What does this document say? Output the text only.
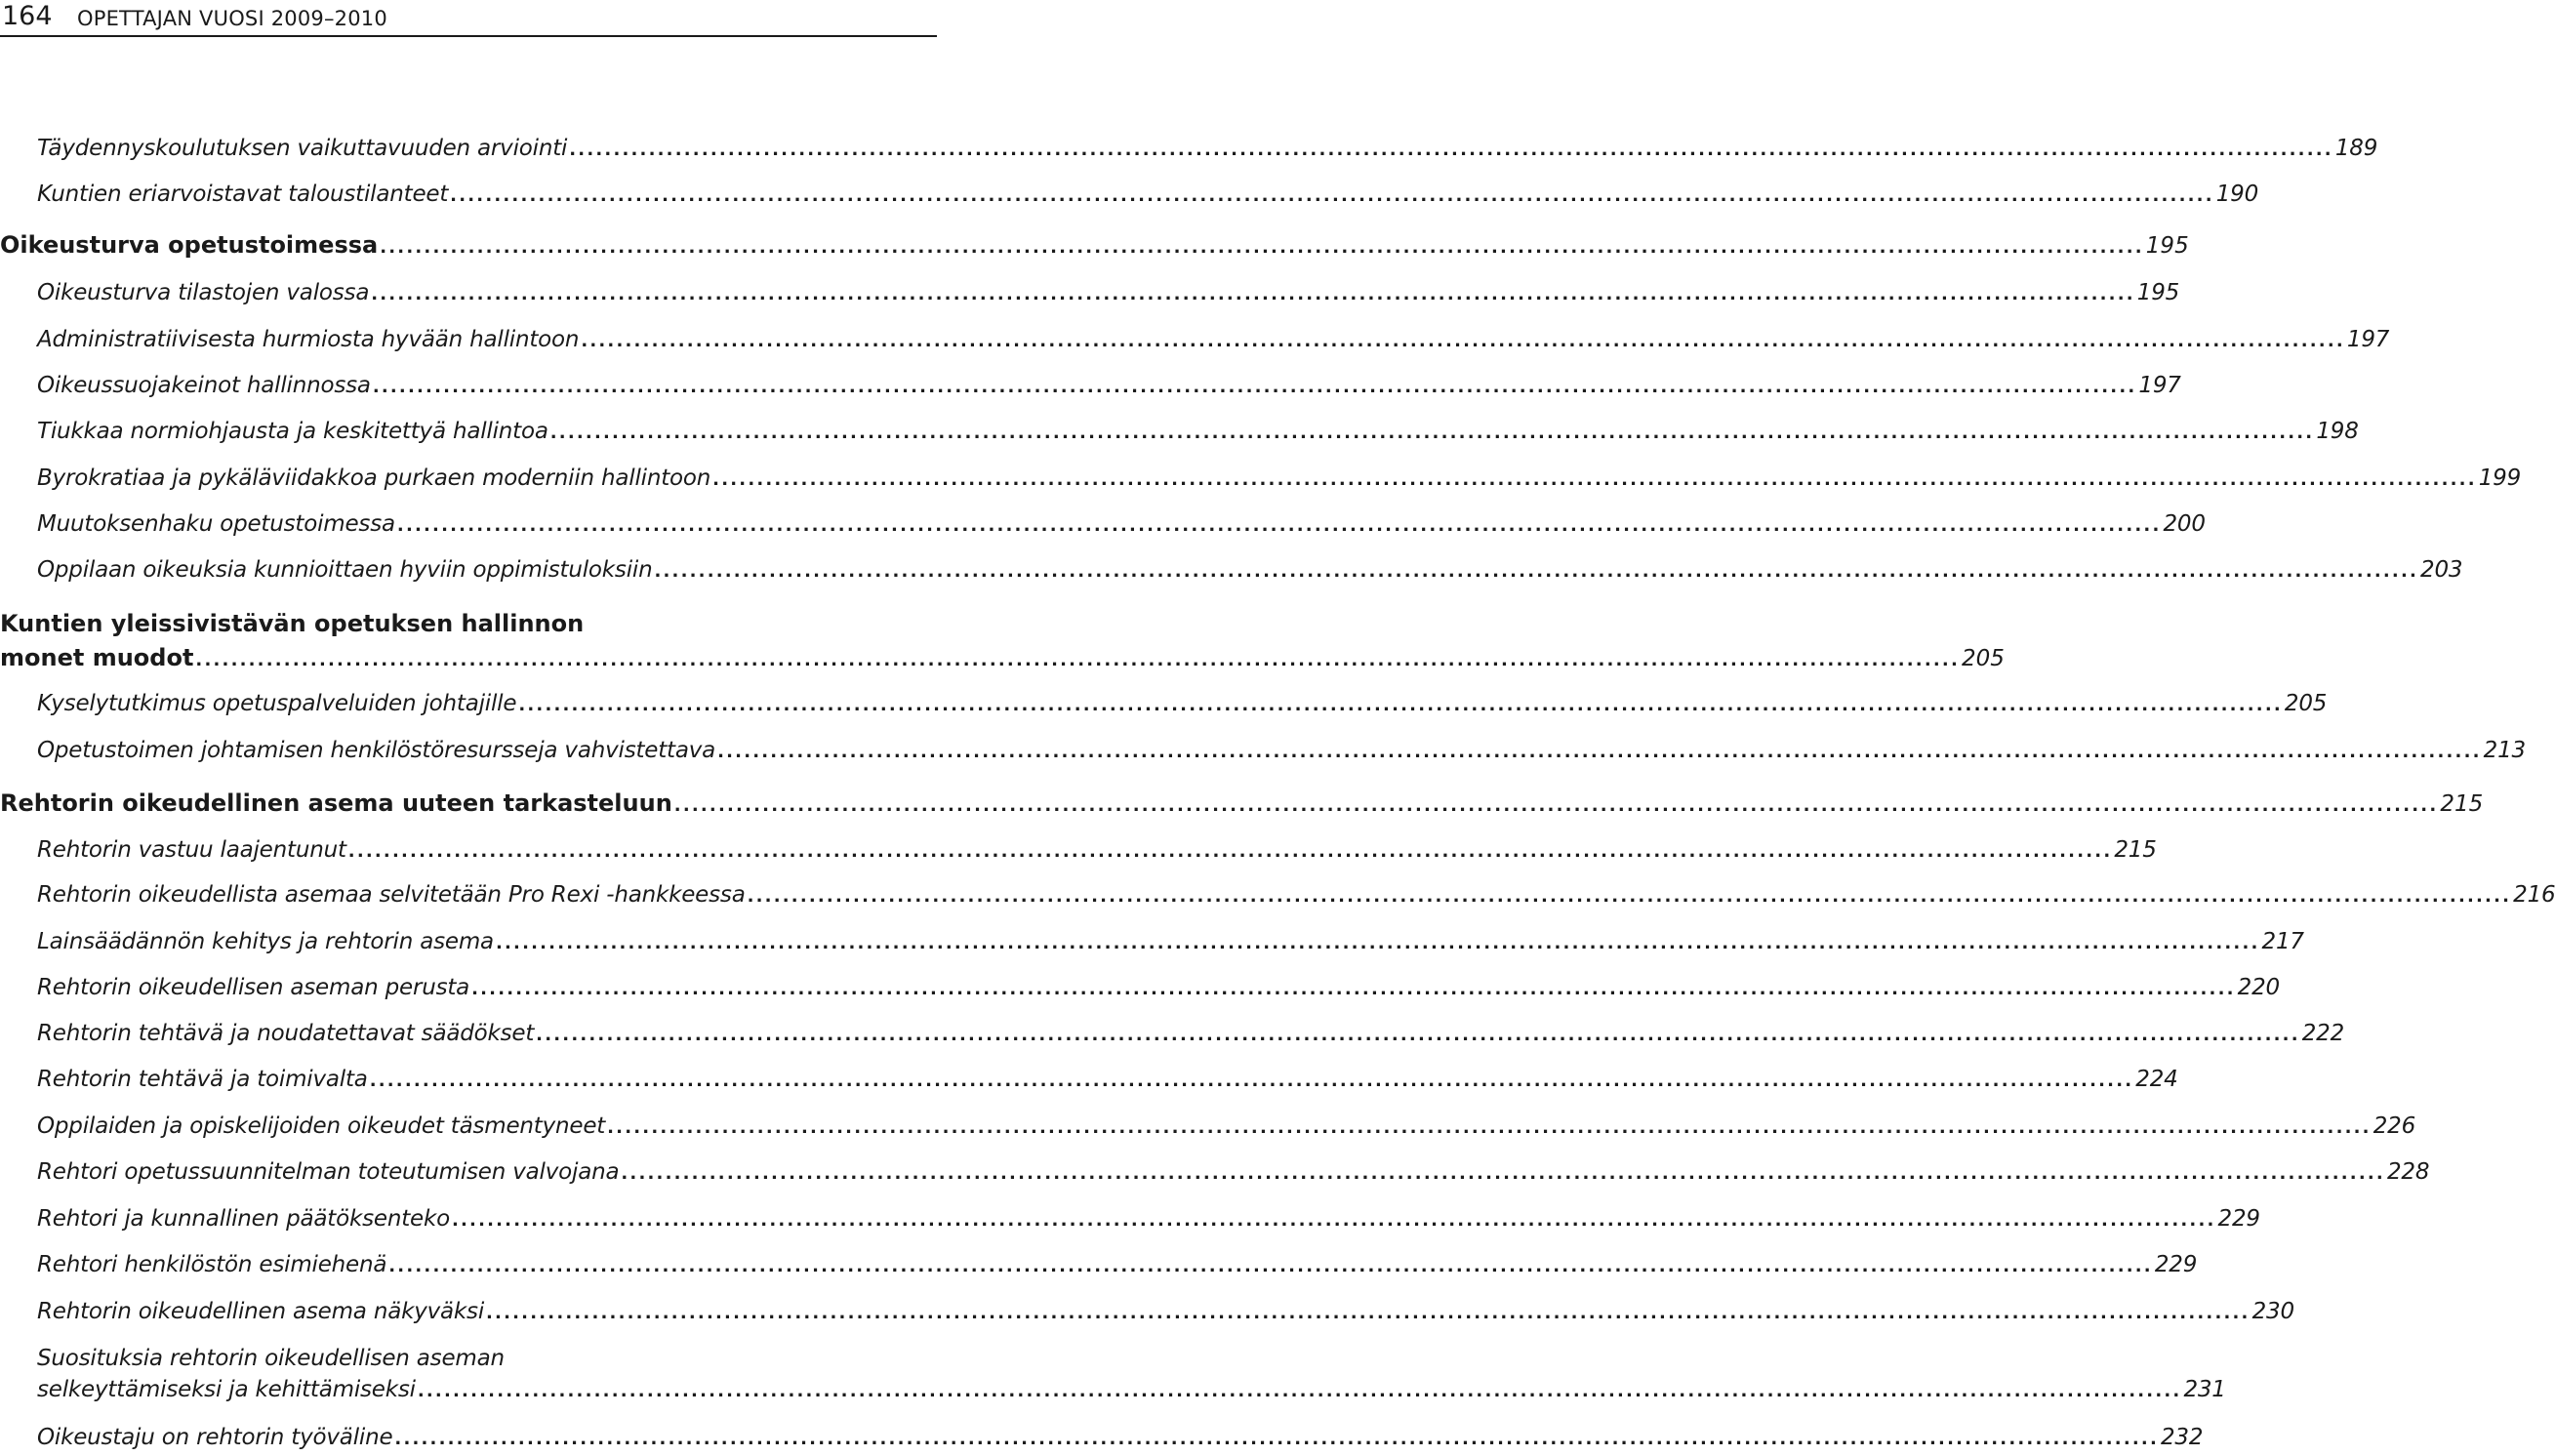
164 OPETTAJAN VUOSI 2009–2010
Täydennyskoulutuksen vaikuttavuuden arviointi ........................................................................................................................................................................................................ 189
Kuntien eriarvoistavat taloustilanteet ........................................................................................................................................................................................................ 190
Oikeusturva opetustoimessa ........................................................................................................................................................................................................ 195
Oikeusturva tilastojen valossa ........................................................................................................................................................................................................ 195
Administratiivisesta hurmiosta hyvään hallintoon ........................................................................................................................................................................................................ 197
Oikeussuojakeinot hallinnossa ........................................................................................................................................................................................................ 197
Tiukkaa normiohjausta ja keskitettyä hallintoa ........................................................................................................................................................................................................ 198
Byrokratiaa ja pykäläviidakkoa purkaen moderniin hallintoon ........................................................................................................................................................................................................ 199
Muutoksenhaku opetustoimessa ........................................................................................................................................................................................................ 200
Oppilaan oikeuksia kunnioittaen hyviin oppimistuloksiin ........................................................................................................................................................................................................ 203
Kuntien yleissivistävän opetuksen hallinnon
monet muodot ........................................................................................................................................................................................................ 205
Kyselytutkimus opetuspalveluiden johtajille ........................................................................................................................................................................................................ 205
Opetustoimen johtamisen henkilöstöresursseja vahvistettava ........................................................................................................................................................................................................ 213
Rehtorin oikeudellinen asema uuteen tarkasteluun ........................................................................................................................................................................................................ 215
Rehtorin vastuu laajentunut ........................................................................................................................................................................................................ 215
Rehtorin oikeudellista asemaa selvitetään Pro Rexi -hankkeessa ........................................................................................................................................................................................................ 216
Lainsäädännön kehitys ja rehtorin asema ........................................................................................................................................................................................................ 217
Rehtorin oikeudellisen aseman perusta ........................................................................................................................................................................................................ 220
Rehtorin tehtävä ja noudatettavat säädökset ........................................................................................................................................................................................................ 222
Rehtorin tehtävä ja toimivalta ........................................................................................................................................................................................................ 224
Oppilaiden ja opiskelijoiden oikeudet täsmentyneet ........................................................................................................................................................................................................ 226
Rehtori opetussuunnitelman toteutumisen valvojana ........................................................................................................................................................................................................ 228
Rehtori ja kunnallinen päätöksenteko ........................................................................................................................................................................................................ 229
Rehtori henkilöstön esimiehenä ........................................................................................................................................................................................................ 229
Rehtorin oikeudellinen asema näkyväksi ........................................................................................................................................................................................................ 230
Suosituksia rehtorin oikeudellisen aseman
selkeyttämiseksi ja kehittämiseksi ........................................................................................................................................................................................................ 231
Oikeustaju on rehtorin työväline ........................................................................................................................................................................................................ 232
